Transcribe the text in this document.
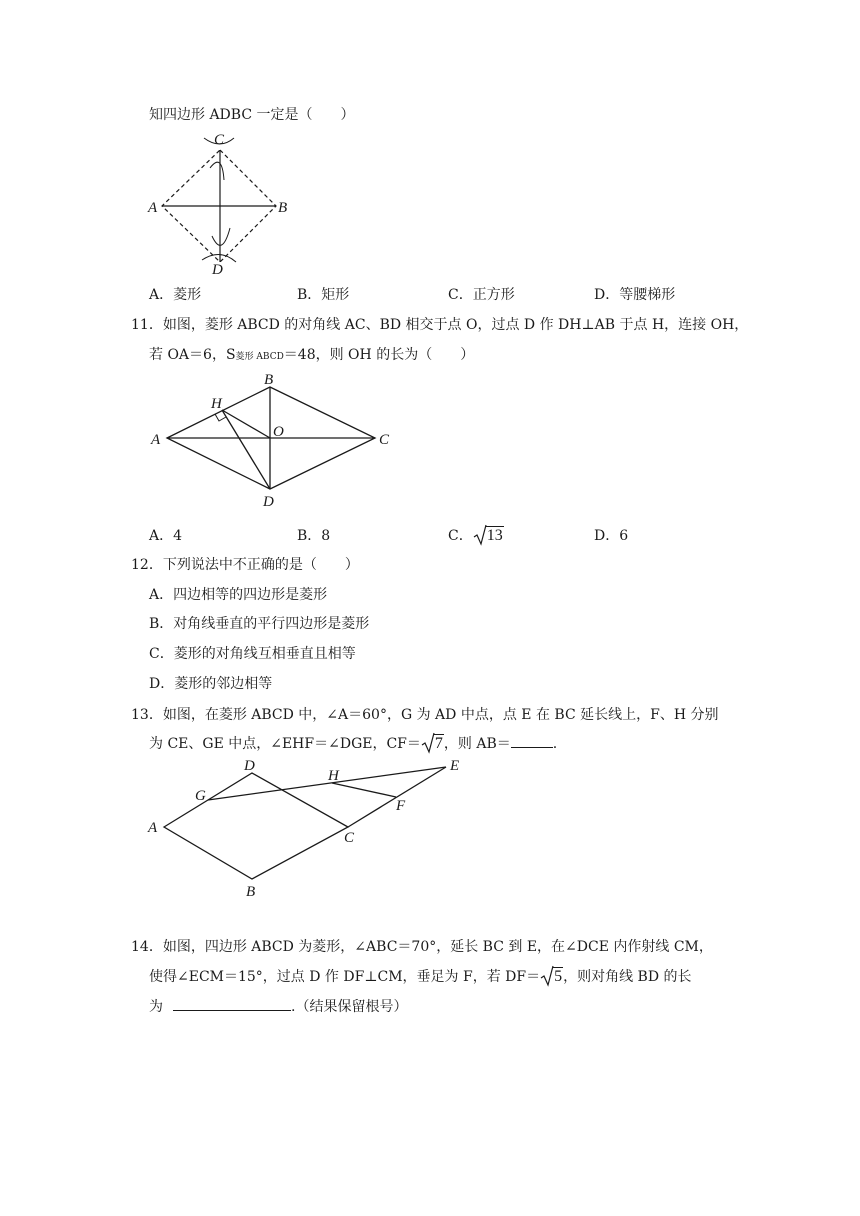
知四边形 ADBC 一定是（　　）
C
A	B
D
A．菱形	B．矩形	C．正方形	D．等腰梯形
11．如图，菱形 ABCD 的对角线 AC、BD 相交于点 O，过点 D 作 DH⊥AB 于点 H，连接 OH，
若 OA＝6，S菱形 ABCD＝48，则 OH 的长为（　　）
B
H
A	O	C
D
A．4	B．8	C． 13	D．6
12．下列说法中不正确的是（　　）
A．四边相等的四边形是菱形
B．对角线垂直的平行四边形是菱形
C．菱形的对角线互相垂直且相等
D．菱形的邻边相等
13．如图，在菱形 ABCD 中，∠A＝60°，G 为 AD 中点，点 E 在 BC 延长线上，F、H 分别
为 CE、GE 中点，∠EHF＝∠DGE，CF＝ 7，则 AB＝	.
D
H
E
G
F
A
C
B
14．如图，四边形 ABCD 为菱形，∠ABC＝70°，延长 BC 到 E，在∠DCE 内作射线 CM，
使得∠ECM＝15°，过点 D 作 DF⊥CM，垂足为 F，若 DF＝ 5，则对角线 BD 的长
为	.（结果保留根号）
